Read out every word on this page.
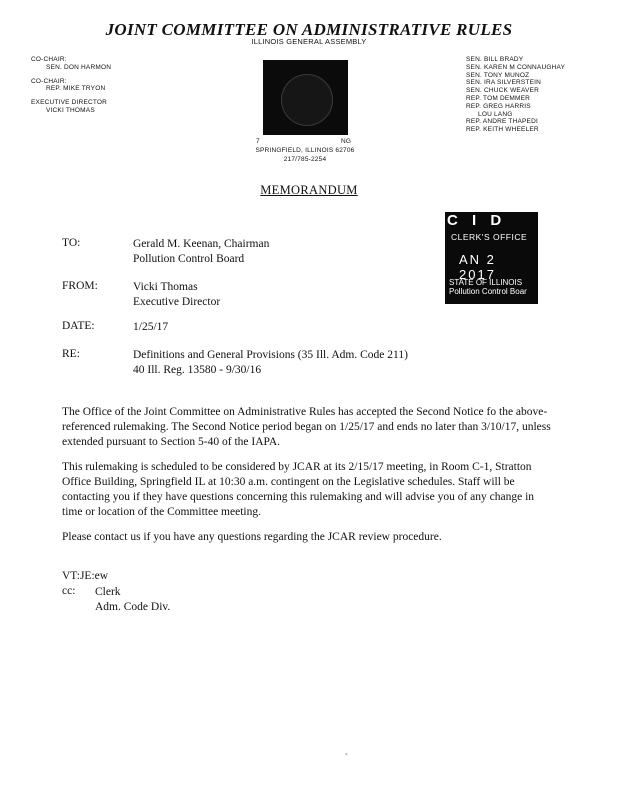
JOINT COMMITTEE ON ADMINISTRATIVE RULES
ILLINOIS GENERAL ASSEMBLY
CO-CHAIR:
SEN. DON HARMON
CO-CHAIR:
REP. MIKE TRYON
EXECUTIVE DIRECTOR
VICKI THOMAS
SEN. BILL BRADY
SEN. KAREN M CONNAUGHAY
SEN. TONY MUNOZ
SEN. IRA SILVERSTEIN
SEN. CHUCK WEAVER
REP. TOM DEMMER
REP. GREG HARRIS
LOU LANG
REP. ANDRE THAPEDI
REP. KEITH WHEELER
7	NG
SPRINGFIELD, ILLINOIS 62706
217/785-2254
MEMORANDUM
C I D
CLERK'S OFFICE
AN 2 2017
STATE OF ILLINOIS
Pollution Control Boar
TO:	Gerald M. Keenan, Chairman
Pollution Control Board
FROM:	Vicki Thomas
Executive Director
DATE:	1/25/17
RE:	Definitions and General Provisions (35 Ill. Adm. Code 211)
40 Ill. Reg. 13580 - 9/30/16
The Office of the Joint Committee on Administrative Rules has accepted the Second Notice fo the above-referenced rulemaking. The Second Notice period began on 1/25/17 and ends no later than 3/10/17, unless extended pursuant to Section 5-40 of the IAPA.
This rulemaking is scheduled to be considered by JCAR at its 2/15/17 meeting, in Room C-1, Stratton Office Building, Springfield IL at 10:30 a.m. contingent on the Legislative schedules. Staff will be contacting you if they have questions concerning this rulemaking and will advise you of any change in time or location of the Committee meeting.
Please contact us if you have any questions regarding the JCAR review procedure.
VT:JE:ew
cc: Clerk
Adm. Code Div.
˛
